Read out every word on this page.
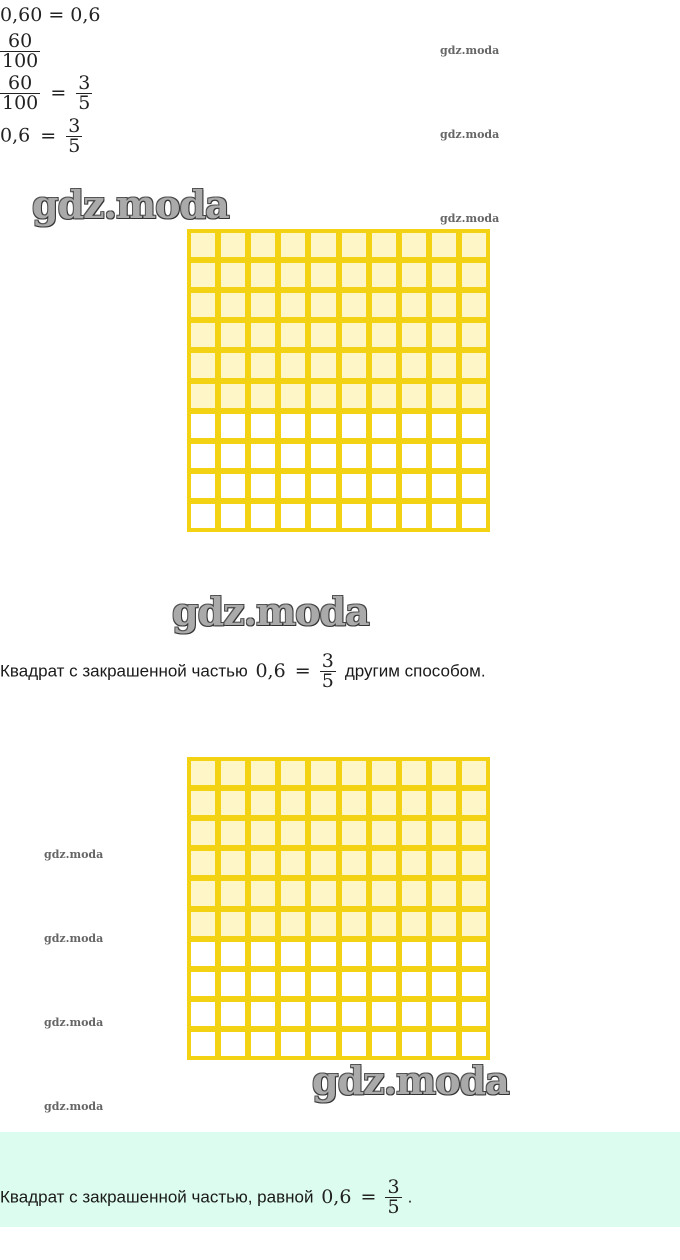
0,60 = 0,6
$\frac{60}{100}$
$\frac{60}{100} = \frac{3}{5}$
$0,6 = \frac{3}{5}$
gdz.moda
gdz.moda
gdz.moda
gdz.moda
gdz.moda
Квадрат с закрашенной частью $0,6 = \frac{3}{5}$ другим способом.
gdz.moda
gdz.moda
gdz.moda
gdz.moda
gdz.moda
Квадрат с закрашенной частью, равной $0,6 = \frac{3}{5}$ .
